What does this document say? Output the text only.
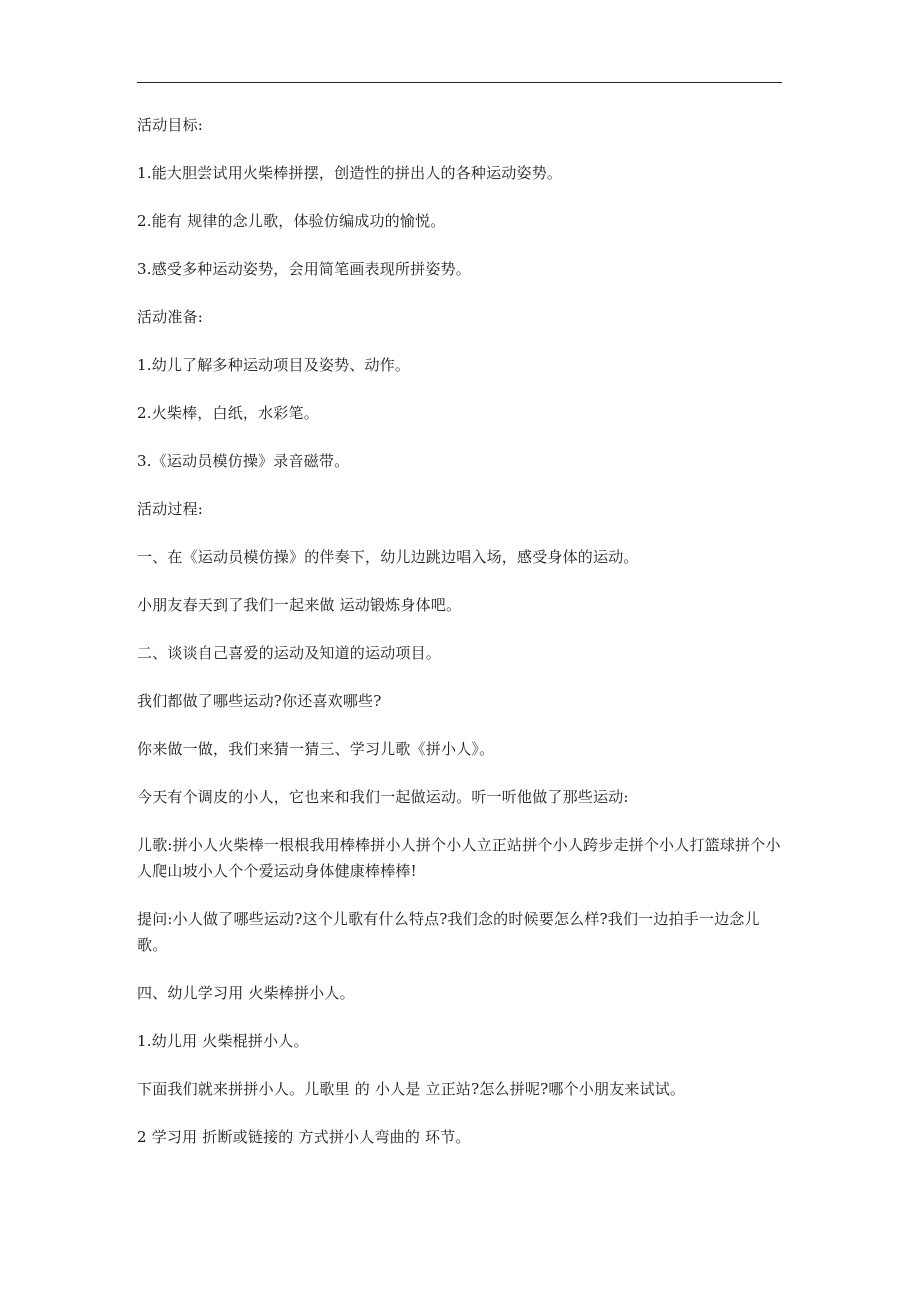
活动目标:

1.能大胆尝试用火柴棒拼摆，创造性的拼出人的各种运动姿势。

2.能有 规律的念儿歌，体验仿编成功的愉悦。

3.感受多种运动姿势，会用简笔画表现所拼姿势。

活动准备:

1.幼儿了解多种运动项目及姿势、动作。

2.火柴棒，白纸，水彩笔。

3.《运动员模仿操》录音磁带。

活动过程:

一、在《运动员模仿操》的伴奏下，幼儿边跳边唱入场，感受身体的运动。

小朋友春天到了我们一起来做 运动锻炼身体吧。

二、谈谈自己喜爱的运动及知道的运动项目。

我们都做了哪些运动?你还喜欢哪些?

你来做一做，我们来猜一猜三、学习儿歌《拼小人》。

今天有个调皮的小人，它也来和我们一起做运动。听一听他做了那些运动:

儿歌:拼小人火柴棒一根根我用棒棒拼小人拼个小人立正站拼个小人跨步走拼个小人打篮球拼个小人爬山坡小人个个爱运动身体健康棒棒棒!

提问:小人做了哪些运动?这个儿歌有什么特点?我们念的时候要怎么样?我们一边拍手一边念儿歌。

四、幼儿学习用 火柴棒拼小人。

1.幼儿用 火柴棍拼小人。

下面我们就来拼拼小人。儿歌里 的 小人是 立正站?怎么拼呢?哪个小朋友来试试。

2 学习用 折断或链接的 方式拼小人弯曲的 环节。
